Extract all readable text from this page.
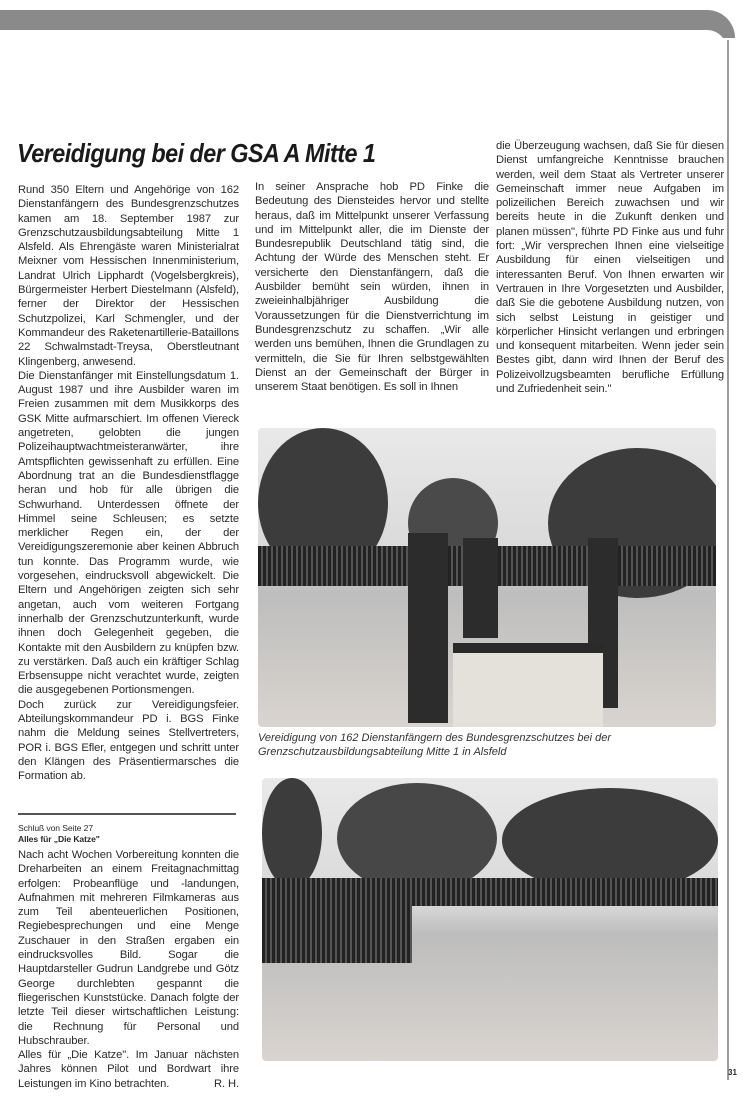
Vereidigung bei der GSA A Mitte 1

Rund 350 Eltern und Angehörige von 162 Dienstanfängern des Bundesgrenzschutzes kamen am 18. September 1987 zur Grenzschutzausbildungsabteilung Mitte 1 Alsfeld. Als Ehrengäste waren Ministerialrat Meixner vom Hessischen Innenministerium, Landrat Ulrich Lipphardt (Vogelsbergkreis), Bürgermeister Herbert Diestelmann (Alsfeld), ferner der Direktor der Hessischen Schutzpolizei, Karl Schmengler, und der Kommandeur des Raketenartillerie-Bataillons 22 Schwalmstadt-Treysa, Oberstleutnant Klingenberg, anwesend.

Die Dienstanfänger mit Einstellungsdatum 1. August 1987 und ihre Ausbilder waren im Freien zusammen mit dem Musikkorps des GSK Mitte aufmarschiert. Im offenen Viereck angetreten, gelobten die jungen Polizeihauptwachtmeisteranwärter, ihre Amtspflichten gewissenhaft zu erfüllen. Eine Abordnung trat an die Bundesdienstflagge heran und hob für alle übrigen die Schwurhand. Unterdessen öffnete der Himmel seine Schleusen; es setzte merklicher Regen ein, der der Vereidigungszeremonie aber keinen Abbruch tun konnte. Das Programm wurde, wie vorgesehen, eindrucksvoll abgewickelt. Die Eltern und Angehörigen zeigten sich sehr angetan, auch vom weiteren Fortgang innerhalb der Grenzschutzunterkunft, wurde ihnen doch Gelegenheit gegeben, die Kontakte mit den Ausbildern zu knüpfen bzw. zu verstärken. Daß auch ein kräftiger Schlag Erbsensuppe nicht verachtet wurde, zeigten die ausgegebenen Portionsmengen.

Doch zurück zur Vereidigungsfeier. Abteilungskommandeur PD i. BGS Finke nahm die Meldung seines Stellvertreters, POR i. BGS Efler, entgegen und schritt unter den Klängen des Präsentiermarsches die Formation ab.

In seiner Ansprache hob PD Finke die Bedeutung des Diensteides hervor und stellte heraus, daß im Mittelpunkt unserer Verfassung und im Mittelpunkt aller, die im Dienste der Bundesrepublik Deutschland tätig sind, die Achtung der Würde des Menschen steht. Er versicherte den Dienstanfängern, daß die Ausbilder bemüht sein würden, ihnen in zweieinhalbjähriger Ausbildung die Voraussetzungen für die Dienstverrichtung im Bundesgrenzschutz zu schaffen. „Wir alle werden uns bemühen, Ihnen die Grundlagen zu vermitteln, die Sie für Ihren selbstgewählten Dienst an der Gemeinschaft der Bürger in unserem Staat benötigen. Es soll in Ihnen

die Überzeugung wachsen, daß Sie für diesen Dienst umfangreiche Kenntnisse brauchen werden, weil dem Staat als Vertreter unserer Gemeinschaft immer neue Aufgaben im polizeilichen Bereich zuwachsen und wir bereits heute in die Zukunft denken und planen müssen", führte PD Finke aus und fuhr fort: „Wir versprechen Ihnen eine vielseitige Ausbildung für einen vielseitigen und interessanten Beruf. Von Ihnen erwarten wir Vertrauen in Ihre Vorgesetzten und Ausbilder, daß Sie die gebotene Ausbildung nutzen, von sich selbst Leistung in geistiger und körperlicher Hinsicht verlangen und erbringen und konsequent mitarbeiten. Wenn jeder sein Bestes gibt, dann wird Ihnen der Beruf des Polizeivollzugsbeamten berufliche Erfüllung und Zufriedenheit sein."

Vereidigung von 162 Dienstanfängern des Bundesgrenzschutzes bei der Grenzschutzausbildungsabteilung Mitte 1 in Alsfeld

Schluß von Seite 27

Alles für „Die Katze"

Nach acht Wochen Vorbereitung konnten die Dreharbeiten an einem Freitagnachmittag erfolgen: Probeanflüge und -landungen, Aufnahmen mit mehreren Filmkameras aus zum Teil abenteuerlichen Positionen, Regiebesprechungen und eine Menge Zuschauer in den Straßen ergaben ein eindrucksvolles Bild. Sogar die Hauptdarsteller Gudrun Landgrebe und Götz George durchlebten gespannt die fliegerischen Kunststücke. Danach folgte der letzte Teil dieser wirtschaftlichen Leistung: die Rechnung für Personal und Hubschrauber.

Alles für „Die Katze". Im Januar nächsten Jahres können Pilot und Bordwart ihre Leistungen im Kino betrachten.	R. H.

31
